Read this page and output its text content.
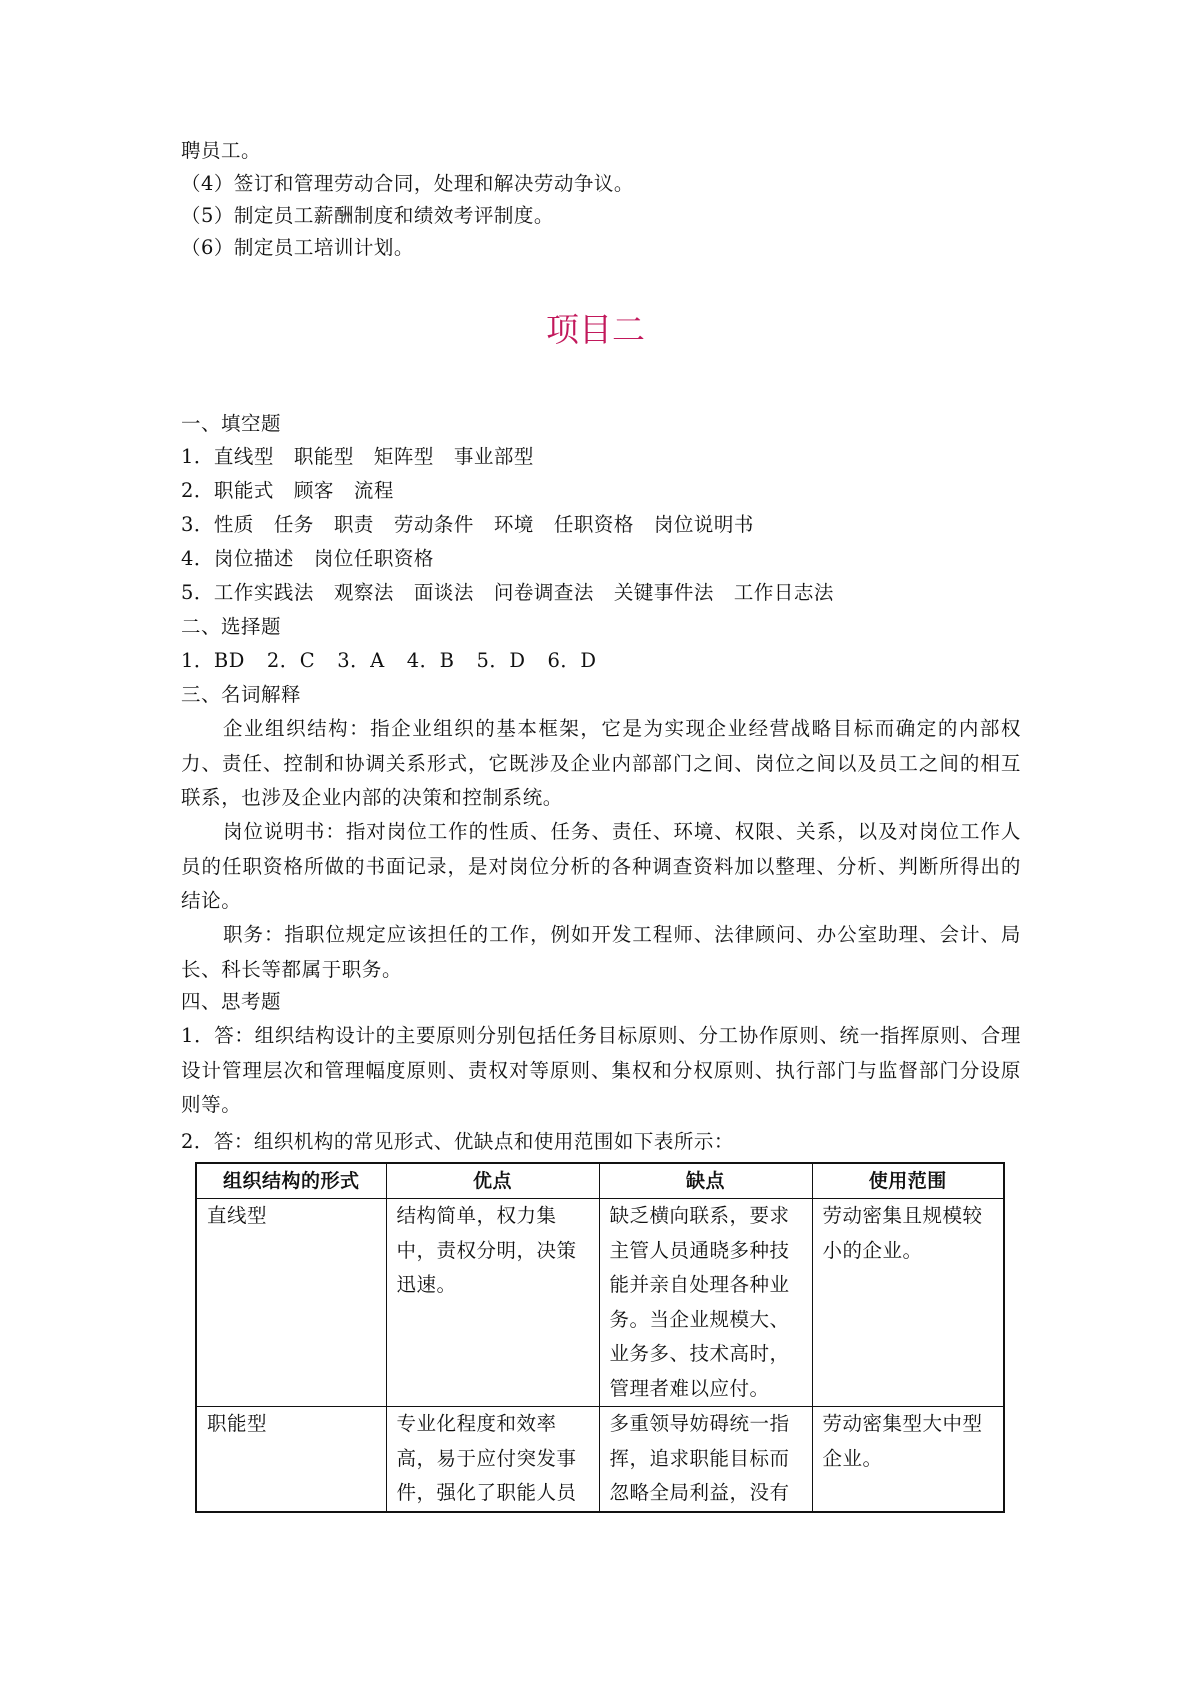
聘员工。
（4）签订和管理劳动合同，处理和解决劳动争议。
（5）制定员工薪酬制度和绩效考评制度。
（6）制定员工培训计划。
项目二
一、填空题
1．直线型　职能型　矩阵型　事业部型
2．职能式　顾客　流程
3．性质　任务　职责　劳动条件　环境　任职资格　岗位说明书
4．岗位描述　岗位任职资格
5．工作实践法　观察法　面谈法　问卷调查法　关键事件法　工作日志法
二、选择题
1．BD 2．C 3．A 4．B 5．D 6．D
三、名词解释
企业组织结构：指企业组织的基本框架，它是为实现企业经营战略目标而确定的内部权力、责任、控制和协调关系形式，它既涉及企业内部部门之间、岗位之间以及员工之间的相互联系，也涉及企业内部的决策和控制系统。
岗位说明书：指对岗位工作的性质、任务、责任、环境、权限、关系，以及对岗位工作人员的任职资格所做的书面记录，是对岗位分析的各种调查资料加以整理、分析、判断所得出的结论。
职务：指职位规定应该担任的工作，例如开发工程师、法律顾问、办公室助理、会计、局长、科长等都属于职务。
四、思考题
1．答：组织结构设计的主要原则分别包括任务目标原则、分工协作原则、统一指挥原则、合理设计管理层次和管理幅度原则、责权对等原则、集权和分权原则、执行部门与监督部门分设原则等。
2．答：组织机构的常见形式、优缺点和使用范围如下表所示：
组织结构的形式	优点	缺点	使用范围
直线型	结构简单，权力集中，责权分明，决策迅速。	缺乏横向联系，要求主管人员通晓多种技能并亲自处理各种业务。当企业规模大、业务多、技术高时，管理者难以应付。	劳动密集且规模较小的企业。

职能型	专业化程度和效率高，易于应付突发事件，强化了职能人员	多重领导妨碍统一指挥，追求职能目标而忽略全局利益，没有	劳动密集型大中型企业。
